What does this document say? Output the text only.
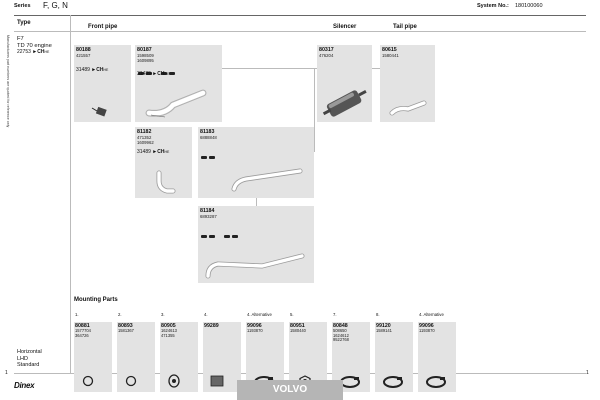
Manufacturers part numbers are quoted for reference only
Series F, G, N	System No.: 180100060
1
1
Type
F7
TD 70 engine
22753 ►CHHE
Front pipe	Silencer	Tail pipe
80188
421557
31489 ►CHHE
80187
1598509
1609895

31489 ►CHHE
80317
476204
80615
1580441
81182
471352
1609962
31489 ►CHHE
81183
6888848
81184
6893287

Mounting Parts
1.
80881
1577704
364726
2.
80893
1581367
3.
80905
1624613
471355
4.
99289
4. Alternative
99096
1193870
5.
80951
1580440
7.
80848
508650
1624612
9522768
8.
99120
1589141
4. Alternative
99096
1193870
Horizontal
LHD
Standard
Dinex	VOLVO
